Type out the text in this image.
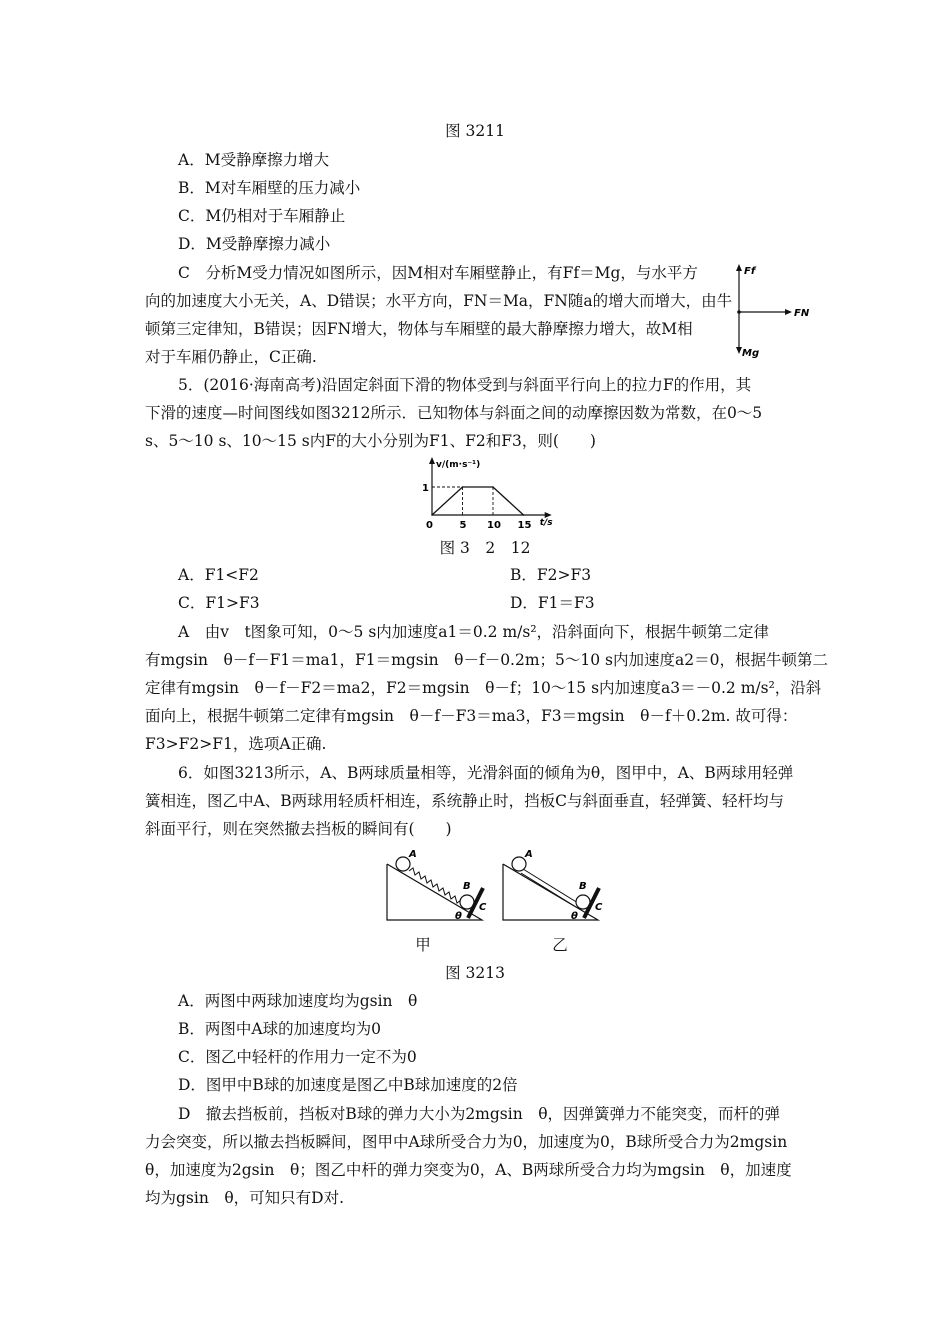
图 3211
A．M受静摩擦力增大
B．M对车厢壁的压力减小
C．M仍相对于车厢静止
D．M受静摩擦力减小
C　分析M受力情况如图所示，因M相对车厢壁静止，有Ff＝Mg，与水平方
向的加速度大小无关，A、D错误；水平方向，FN＝Ma，FN随a的增大而增大，由牛
顿第三定律知，B错误；因FN增大，物体与车厢壁的最大静摩擦力增大，故M相
对于车厢仍静止，C正确.
Ff
FN
Mg
5．(2016·海南高考)沿固定斜面下滑的物体受到与斜面平行向上的拉力F的作用，其
下滑的速度—时间图线如图3212所示．已知物体与斜面之间的动摩擦因数为常数，在0～5
s、5～10 s、10～15 s内F的大小分别为F1、F2和F3，则(　　)
v/(m·s⁻¹)
t/s
0	5 10 15
1
图 3　2　12
A．F1<F2	B．F2>F3
C．F1>F3	D．F1＝F3
A　由v　t图象可知，0～5 s内加速度a1＝0.2 m/s²，沿斜面向下，根据牛顿第二定律
有mgsin　θ－f－F1＝ma1，F1＝mgsin　θ－f－0.2m；5～10 s内加速度a2＝0，根据牛顿第二
定律有mgsin　θ－f－F2＝ma2，F2＝mgsin　θ－f；10～15 s内加速度a3＝－0.2 m/s²，沿斜
面向上，根据牛顿第二定律有mgsin　θ－f－F3＝ma3，F3＝mgsin　θ－f＋0.2m. 故可得：
F3>F2>F1，选项A正确.
6．如图3213所示，A、B两球质量相等，光滑斜面的倾角为θ，图甲中，A、B两球用轻弹
簧相连，图乙中A、B两球用轻质杆相连，系统静止时，挡板C与斜面垂直，轻弹簧、轻杆均与
斜面平行，则在突然撤去挡板的瞬间有(　　)
A
B
C
θ
甲
A
B
C
θ
乙
图 3213
A．两图中两球加速度均为gsin　θ
B．两图中A球的加速度均为0
C．图乙中轻杆的作用力一定不为0
D．图甲中B球的加速度是图乙中B球加速度的2倍
D　撤去挡板前，挡板对B球的弹力大小为2mgsin　θ，因弹簧弹力不能突变，而杆的弹
力会突变，所以撤去挡板瞬间，图甲中A球所受合力为0，加速度为0，B球所受合力为2mgsin
θ，加速度为2gsin　θ；图乙中杆的弹力突变为0，A、B两球所受合力均为mgsin　θ，加速度
均为gsin　θ，可知只有D对.
